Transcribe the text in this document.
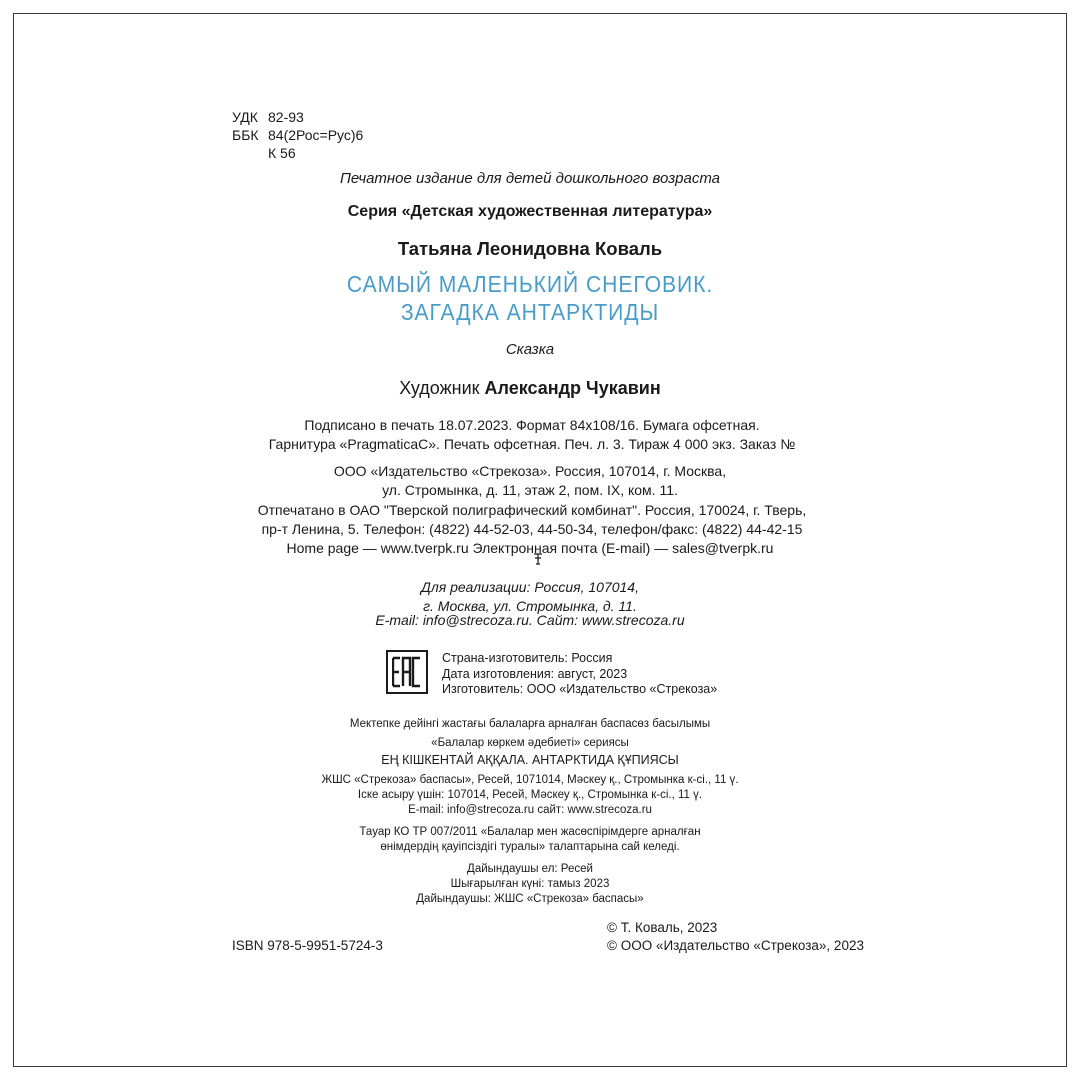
УДК 82-93
ББК 84(2Рос=Рус)6
К 56
Печатное издание для детей дошкольного возраста
Серия «Детская художественная литература»
Татьяна Леонидовна Коваль
САМЫЙ МАЛЕНЬКИЙ СНЕГОВИК.
ЗАГАДКА АНТАРКТИДЫ
Сказка
Художник Александр Чукавин
Подписано в печать 18.07.2023. Формат 84х108/16. Бумага офсетная.
Гарнитура «PragmaticaC». Печать офсетная. Печ. л. 3. Тираж 4 000 экз. Заказ №
ООО «Издательство «Стрекоза». Россия, 107014, г. Москва,
ул. Стромынка, д. 11, этаж 2, пом. IX, ком. 11.
Отпечатано в ОАО "Тверской полиграфический комбинат". Россия, 170024, г. Тверь,
пр-т Ленина, 5. Телефон: (4822) 44-52-03, 44-50-34, телефон/факс: (4822) 44-42-15
Home page — www.tverpk.ru Электронная почта (E-mail) — sales@tverpk.ru
Для реализации: Россия, 107014,
г. Москва, ул. Стромынка, д. 11.
E-mail: info@strecoza.ru. Сайт: www.strecoza.ru
Страна-изготовитель: Россия
Дата изготовления: август, 2023
Изготовитель: ООО «Издательство «Стрекоза»
Мектепке дейінгі жастағы балаларға арналған баспасөз басылымы
«Балалар көркем әдебиеті» сериясы
ЕҢ КІШКЕНТАЙ АҚҚАЛА. АНТАРКТИДА ҚҰПИЯСЫ
ЖШС «Стрекоза» баспасы», Ресей, 1071014, Мәскеу қ., Стромынка к-сі., 11 ү.
Іске асыру үшін: 107014, Ресей, Мәскеу қ., Стромынка к-сі., 11 ү.
E-mail: info@strecoza.ru сайт: www.strecoza.ru
Тауар КО ТР 007/2011 «Балалар мен жасөспірімдерге арналған
өнімдердің қауіпсіздігі туралы» талаптарына сай келеді.
Дайындаушы ел: Ресей
Шығарылған күні: тамыз 2023
Дайындаушы: ЖШС «Стрекоза» баспасы»
© Т. Коваль, 2023
© ООО «Издательство «Стрекоза», 2023
ISBN 978-5-9951-5724-3
